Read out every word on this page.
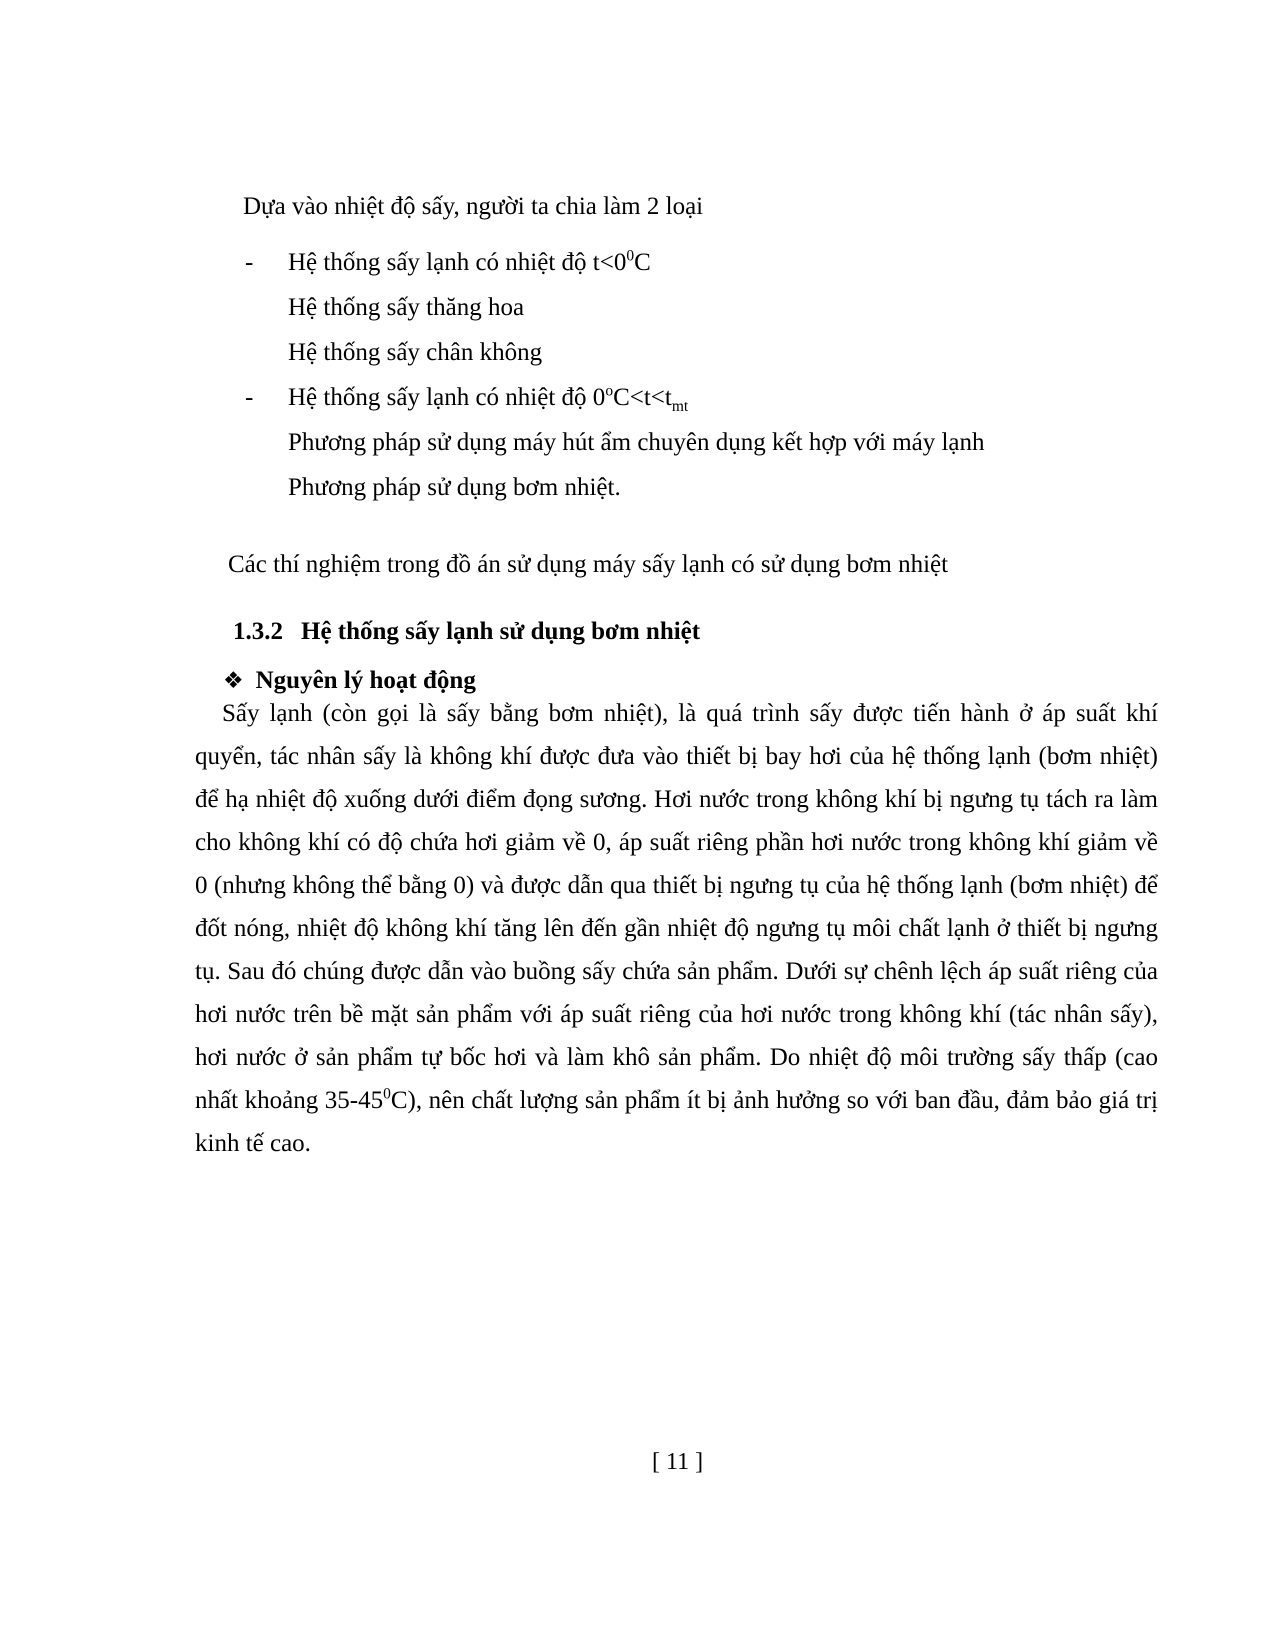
Dựa vào nhiệt độ sấy, người ta chia làm 2 loại

- Hệ thống sấy lạnh có nhiệt độ $t<0^0C$
Hệ thống sấy thăng hoa
Hệ thống sấy chân không
- Hệ thống sấy lạnh có nhiệt độ $0^oC<t<t_{mt}$
Phương pháp sử dụng máy hút ẩm chuyên dụng kết hợp với máy lạnh
Phương pháp sử dụng bơm nhiệt.

Các thí nghiệm trong đồ án sử dụng máy sấy lạnh có sử dụng bơm nhiệt

1.3.2 Hệ thống sấy lạnh sử dụng bơm nhiệt
❖ Nguyên lý hoạt động

Sấy lạnh (còn gọi là sấy bằng bơm nhiệt), là quá trình sấy được tiến hành ở áp suất khí quyển, tác nhân sấy là không khí được đưa vào thiết bị bay hơi của hệ thống lạnh (bơm nhiệt) để hạ nhiệt độ xuống dưới điểm đọng sương. Hơi nước trong không khí bị ngưng tụ tách ra làm cho không khí có độ chứa hơi giảm về 0, áp suất riêng phần hơi nước trong không khí giảm về 0 (nhưng không thể bằng 0) và được dẫn qua thiết bị ngưng tụ của hệ thống lạnh (bơm nhiệt) để đốt nóng, nhiệt độ không khí tăng lên đến gần nhiệt độ ngưng tụ môi chất lạnh ở thiết bị ngưng tụ. Sau đó chúng được dẫn vào buồng sấy chứa sản phẩm. Dưới sự chênh lệch áp suất riêng của hơi nước trên bề mặt sản phẩm với áp suất riêng của hơi nước trong không khí (tác nhân sấy), hơi nước ở sản phẩm tự bốc hơi và làm khô sản phẩm. Do nhiệt độ môi trường sấy thấp (cao nhất khoảng $35-45^0C$), nên chất lượng sản phẩm ít bị ảnh hưởng so với ban đầu, đảm bảo giá trị kinh tế cao.

[ 11 ]
